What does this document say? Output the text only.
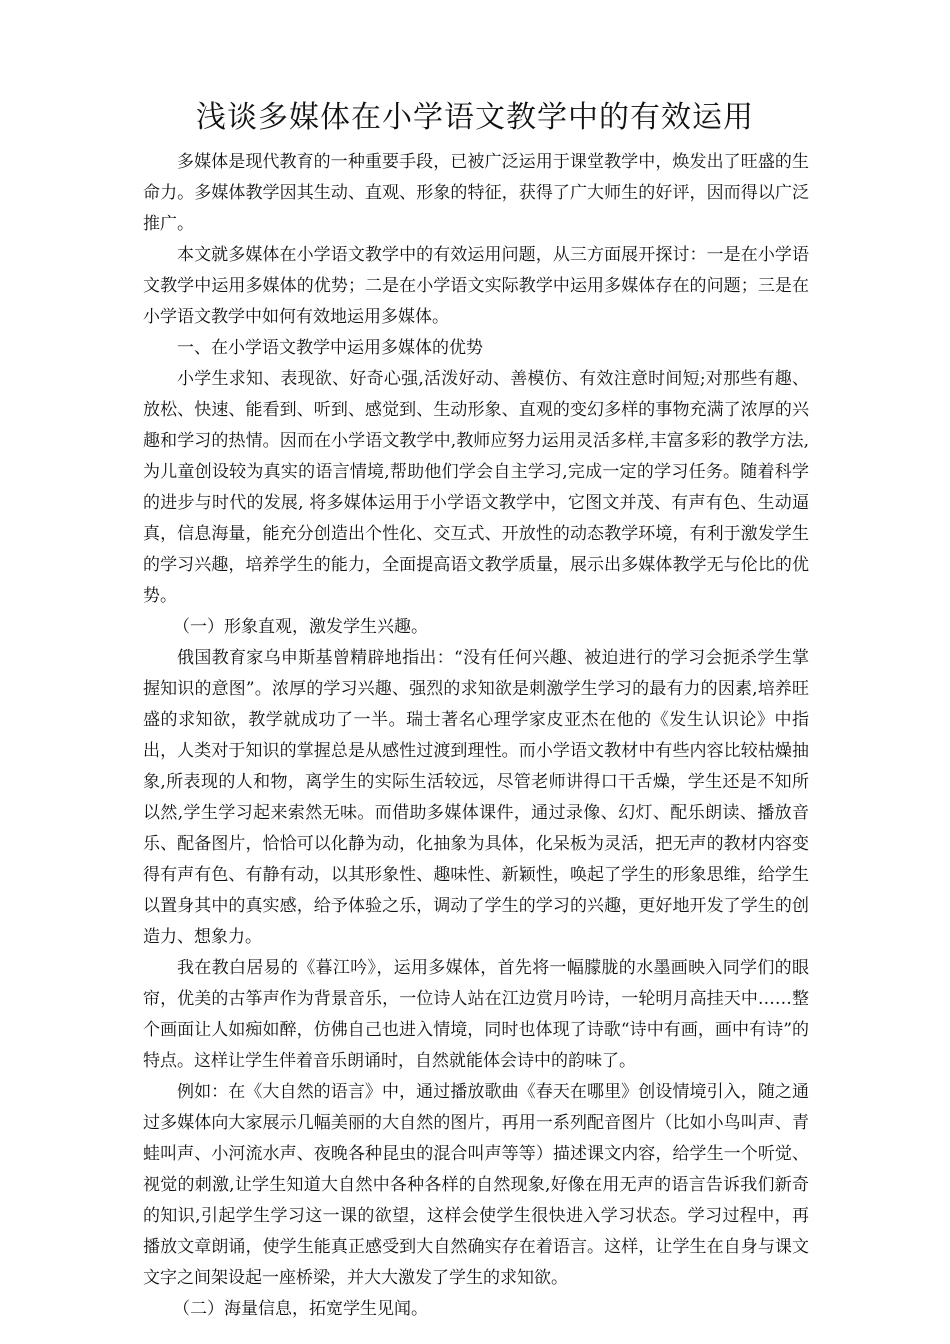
浅谈多媒体在小学语文教学中的有效运用

多媒体是现代教育的一种重要手段，已被广泛运用于课堂教学中，焕发出了旺盛的生命力。多媒体教学因其生动、直观、形象的特征，获得了广大师生的好评，因而得以广泛推广。

本文就多媒体在小学语文教学中的有效运用问题，从三方面展开探讨：一是在小学语文教学中运用多媒体的优势；二是在小学语文实际教学中运用多媒体存在的问题；三是在小学语文教学中如何有效地运用多媒体。

一、在小学语文教学中运用多媒体的优势

小学生求知、表现欲、好奇心强,活泼好动、善模仿、有效注意时间短;对那些有趣、放松、快速、能看到、听到、感觉到、生动形象、直观的变幻多样的事物充满了浓厚的兴趣和学习的热情。因而在小学语文教学中,教师应努力运用灵活多样,丰富多彩的教学方法,为儿童创设较为真实的语言情境,帮助他们学会自主学习,完成一定的学习任务。随着科学的进步与时代的发展, 将多媒体运用于小学语文教学中，它图文并茂、有声有色、生动逼真，信息海量，能充分创造出个性化、交互式、开放性的动态教学环境，有利于激发学生的学习兴趣，培养学生的能力，全面提高语文教学质量，展示出多媒体教学无与伦比的优势。

（一）形象直观，激发学生兴趣。

俄国教育家乌申斯基曾精辟地指出：“没有任何兴趣、被迫进行的学习会扼杀学生掌握知识的意图”。浓厚的学习兴趣、强烈的求知欲是刺激学生学习的最有力的因素,培养旺盛的求知欲，教学就成功了一半。瑞士著名心理学家皮亚杰在他的《发生认识论》中指出，人类对于知识的掌握总是从感性过渡到理性。而小学语文教材中有些内容比较枯燥抽象,所表现的人和物，离学生的实际生活较远，尽管老师讲得口干舌燥，学生还是不知所以然,学生学习起来索然无味。而借助多媒体课件，通过录像、幻灯、配乐朗读、播放音乐、配备图片，恰恰可以化静为动，化抽象为具体，化呆板为灵活，把无声的教材内容变得有声有色、有静有动，以其形象性、趣味性、新颖性，唤起了学生的形象思维，给学生以置身其中的真实感，给予体验之乐，调动了学生的学习的兴趣，更好地开发了学生的创造力、想象力。

我在教白居易的《暮江吟》，运用多媒体，首先将一幅朦胧的水墨画映入同学们的眼帘，优美的古筝声作为背景音乐，一位诗人站在江边赏月吟诗，一轮明月高挂天中……整个画面让人如痴如醉，仿佛自己也进入情境，同时也体现了诗歌“诗中有画，画中有诗”的特点。这样让学生伴着音乐朗诵时，自然就能体会诗中的韵味了。

例如：在《大自然的语言》中，通过播放歌曲《春天在哪里》创设情境引入，随之通过多媒体向大家展示几幅美丽的大自然的图片，再用一系列配音图片（比如小鸟叫声、青蛙叫声、小河流水声、夜晚各种昆虫的混合叫声等等）描述课文内容，给学生一个听觉、视觉的刺激,让学生知道大自然中各种各样的自然现象,好像在用无声的语言告诉我们新奇的知识,引起学生学习这一课的欲望，这样会使学生很快进入学习状态。学习过程中，再播放文章朗诵，使学生能真正感受到大自然确实存在着语言。这样，让学生在自身与课文文字之间架设起一座桥梁，并大大激发了学生的求知欲。

（二）海量信息，拓宽学生见闻。
